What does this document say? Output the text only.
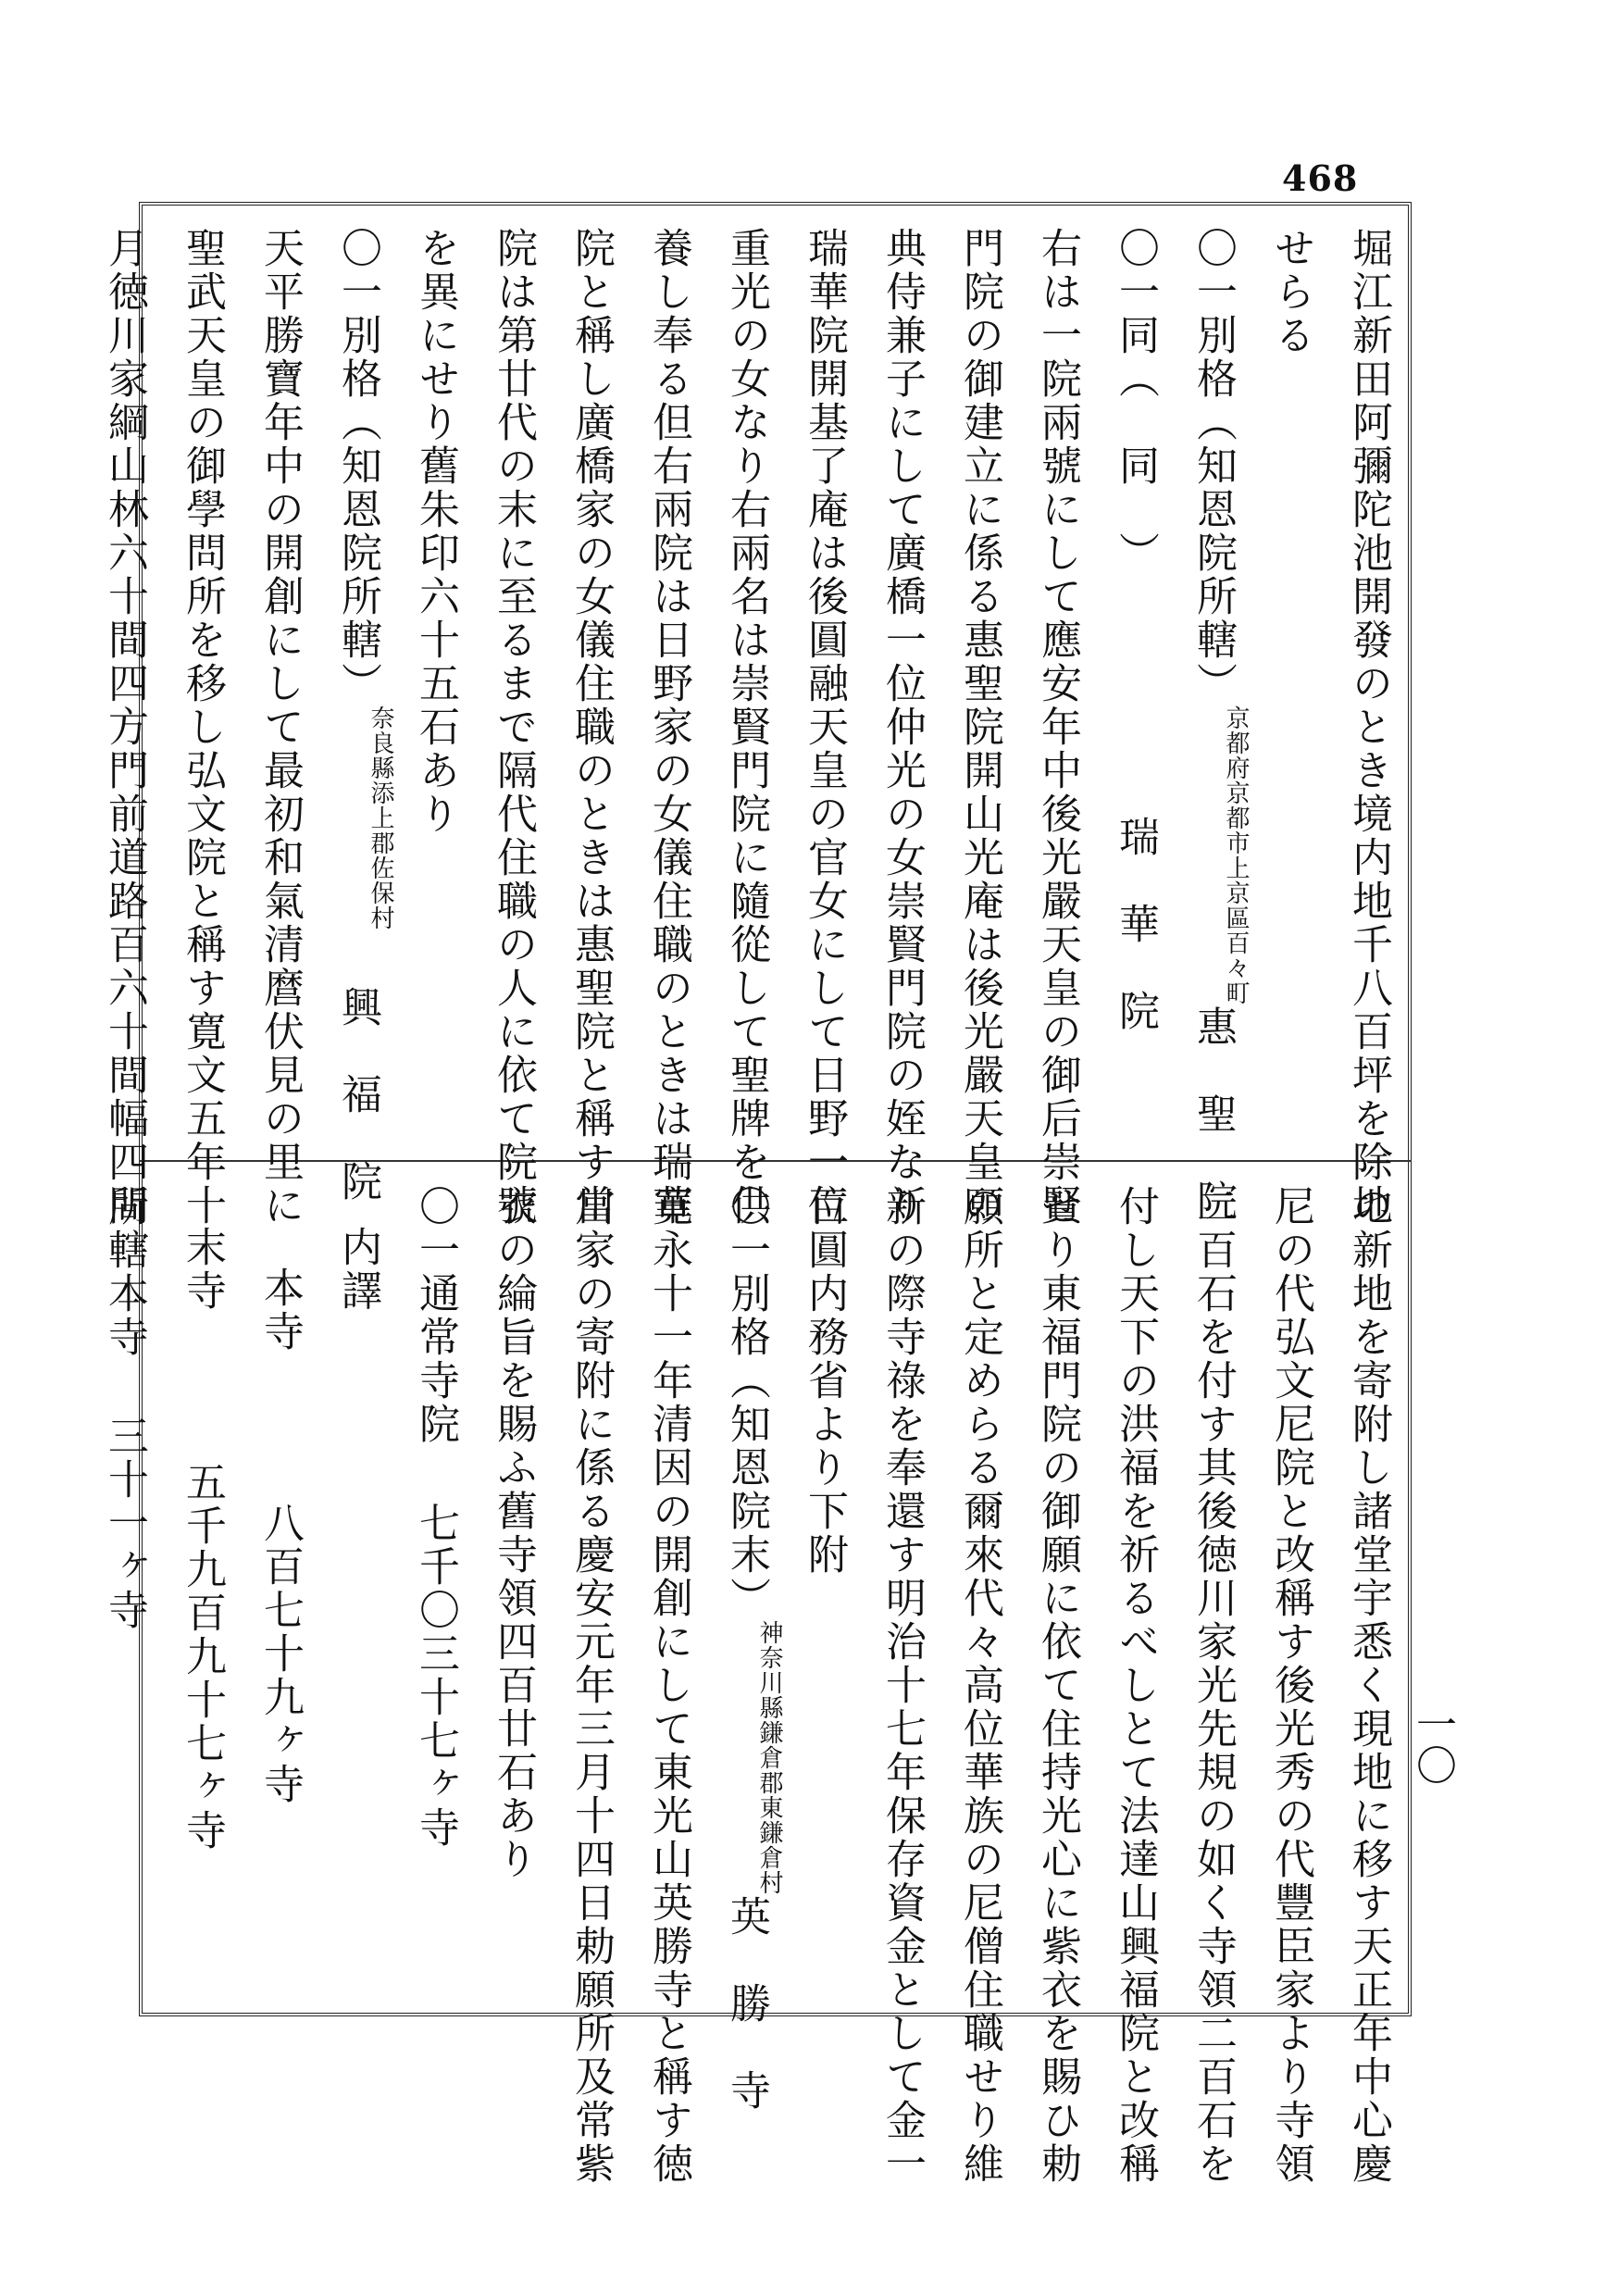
468
一〇
堀江新田阿彌陀池開發のとき境内地千八百坪を除地
せらる
〇一別格（知恩院所轄）京都府京都市上京區百々町惠　聖　院
〇一同（　同　）瑞　華　院
右は一院兩號にして應安年中後光嚴天皇の御后崇賢
門院の御建立に係る惠聖院開山光庵は後光嚴天皇の
典侍兼子にして廣橋一位仲光の女崇賢門院の姪なり
瑞華院開基了庵は後圓融天皇の官女にして日野一位
重光の女なり右兩名は崇賢門院に隨從して聖牌を供
養し奉る但右兩院は日野家の女儀住職のときは瑞華
院と稱し廣橋家の女儀住職のときは惠聖院と稱す當
院は第廿代の末に至るまで隔代住職の人に依て院號
を異にせり舊朱印六十五石あり
〇一別格（知恩院所轄）奈良縣添上郡佐保村興　福　院
天平勝寶年中の開創にして最初和氣清麿伏見の里に
聖武天皇の御學問所を移し弘文院と稱す寛文五年十
月徳川家綱山林六十間四方門前道路百六十間幅四間
の新地を寄附し諸堂宇悉く現地に移す天正年中心慶
尼の代弘文尼院と改稱す後光秀の代豐臣家より寺領
二百石を付す其後徳川家光先規の如く寺領二百石を
付し天下の洪福を祈るべしとて法達山興福院と改稱
せり東福門院の御願に依て住持光心に紫衣を賜ひ勅
願所と定めらる爾來代々高位華族の尼僧住職せり維
新の際寺祿を奉還す明治十七年保存資金として金一
百圓内務省より下附
〇一別格（知恩院末）神奈川縣鎌倉郡東鎌倉村英　勝　寺
寛永十一年清因の開創にして東光山英勝寺と稱す徳
川家の寄附に係る慶安元年三月十四日勅願所及常紫
衣の綸旨を賜ふ舊寺領四百廿石あり
〇一通常寺院七千〇三十七ヶ寺
内譯
本寺八百七十九ヶ寺
末寺五千九百九十七ヶ寺
所轄本寺三十一ヶ寺
